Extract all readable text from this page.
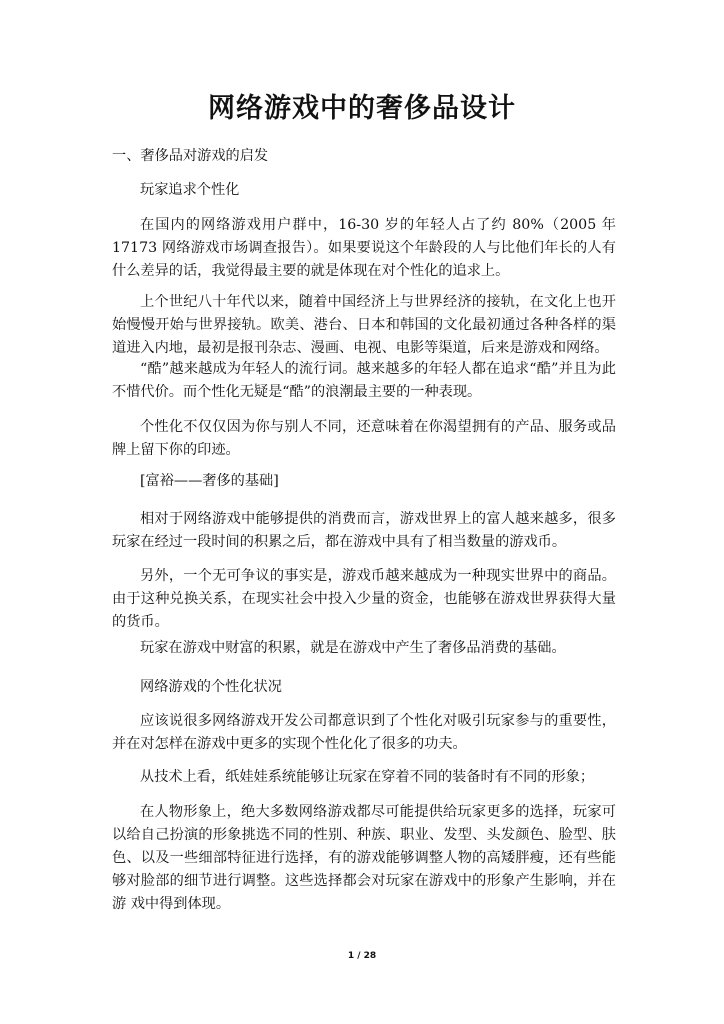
网络游戏中的奢侈品设计

一、奢侈品对游戏的启发

玩家追求个性化

在国内的网络游戏用户群中，16-30 岁的年轻人占了约 80%（2005 年 17173 网络游戏市场调查报告）。如果要说这个年龄段的人与比他们年长的人有什么差异的话，我觉得最主要的就是体现在对个性化的追求上。

上个世纪八十年代以来，随着中国经济上与世界经济的接轨，在文化上也开始慢慢开始与世界接轨。欧美、港台、日本和韩国的文化最初通过各种各样的渠道进入内地，最初是报刊杂志、漫画、电视、电影等渠道，后来是游戏和网络。

“酷”越来越成为年轻人的流行词。越来越多的年轻人都在追求“酷”并且为此不惜代价。而个性化无疑是“酷”的浪潮最主要的一种表现。

个性化不仅仅因为你与别人不同，还意味着在你渴望拥有的产品、服务或品牌上留下你的印迹。

[富裕——奢侈的基础]

相对于网络游戏中能够提供的消费而言，游戏世界上的富人越来越多，很多玩家在经过一段时间的积累之后，都在游戏中具有了相当数量的游戏币。

另外，一个无可争议的事实是，游戏币越来越成为一种现实世界中的商品。由于这种兑换关系，在现实社会中投入少量的资金，也能够在游戏世界获得大量的货币。

玩家在游戏中财富的积累，就是在游戏中产生了奢侈品消费的基础。

网络游戏的个性化状况

应该说很多网络游戏开发公司都意识到了个性化对吸引玩家参与的重要性，并在对怎样在游戏中更多的实现个性化化了很多的功夫。

从技术上看，纸娃娃系统能够让玩家在穿着不同的装备时有不同的形象；

在人物形象上，绝大多数网络游戏都尽可能提供给玩家更多的选择，玩家可以给自己扮演的形象挑选不同的性别、种族、职业、发型、头发颜色、脸型、肤色、以及一些细部特征进行选择，有的游戏能够调整人物的高矮胖瘦，还有些能够对脸部的细节进行调整。这些选择都会对玩家在游戏中的形象产生影响，并在游 戏中得到体现。

1 / 28
